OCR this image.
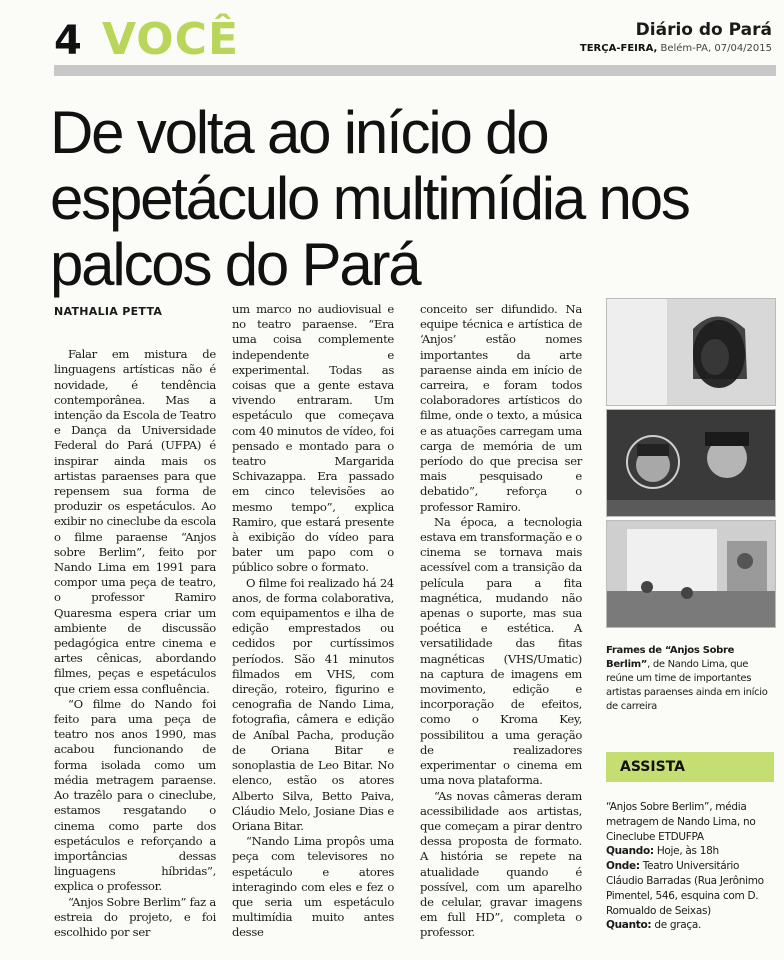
4 VOCÊ	Diário do Pará
TERÇA-FEIRA, Belém-PA, 07/04/2015
De volta ao início do espetáculo multimídia nos palcos do Pará
NATHALIA PETTA

Falar em mistura de linguagens artísticas não é novidade, é tendência contemporânea. Mas a intenção da Escola de Teatro e Dança da Universidade Federal do Pará (UFPA) é inspirar ainda mais os artistas paraenses para que repensem sua forma de produzir os espetáculos. Ao exibir no cineclube da escola o filme paraense “Anjos sobre Berlim”, feito por Nando Lima em 1991 para compor uma peça de teatro, o professor Ramiro Quaresma espera criar um ambiente de discussão pedagógica entre cinema e artes cênicas, abordando filmes, peças e espetáculos que criem essa confluência.

“O filme do Nando foi feito para uma peça de teatro nos anos 1990, mas acabou funcionando de forma isolada como um média metragem paraense. Ao trazêlo para o cineclube, estamos resgatando o cinema como parte dos espetáculos e reforçando a importâncias dessas linguagens híbridas”, explica o professor.

“Anjos Sobre Berlim” faz a estreia do projeto, e foi escolhido por ser

um marco no audiovisual e no teatro paraense. “Era uma coisa complemente independente e experimental. Todas as coisas que a gente estava vivendo entraram. Um espetáculo que começava com 40 minutos de vídeo, foi pensado e montado para o teatro Margarida Schivazappa. Era passado em cinco televisões ao mesmo tempo”, explica Ramiro, que estará presente à exibição do vídeo para bater um papo com o público sobre o formato.

O filme foi realizado há 24 anos, de forma colaborativa, com equipamentos e ilha de edição emprestados ou cedidos por curtíssimos períodos. São 41 minutos filmados em VHS, com direção, roteiro, figurino e cenografia de Nando Lima, fotografia, câmera e edição de Aníbal Pacha, produção de Oriana Bitar e sonoplastia de Leo Bitar. No elenco, estão os atores Alberto Silva, Betto Paiva, Cláudio Melo, Josiane Dias e Oriana Bitar.

“Nando Lima propôs uma peça com televisores no espetáculo e atores interagindo com eles e fez o que seria um espetáculo multimídia muito antes desse

conceito ser difundido. Na equipe técnica e artística de ‘Anjos’ estão nomes importantes da arte paraense ainda em início de carreira, e foram todos colaboradores artísticos do filme, onde o texto, a música e as atuações carregam uma carga de memória de um período do que precisa ser mais pesquisado e debatido”, reforça o professor Ramiro.

Na época, a tecnologia estava em transformação e o cinema se tornava mais acessível com a transição da película para a fita magnética, mudando não apenas o suporte, mas sua poética e estética. A versatilidade das fitas magnéticas (VHS/Umatic) na captura de imagens em movimento, edição e incorporação de efeitos, como o Kroma Key, possibilitou a uma geração de realizadores experimentar o cinema em uma nova plataforma.

“As novas câmeras deram acessibilidade aos artistas, que começam a pirar dentro dessa proposta de formato. A história se repete na atualidade quando é possível, com um aparelho de celular, gravar imagens em full HD”, completa o professor.

Frames de “Anjos Sobre Berlim”, de Nando Lima, que reúne um time de importantes artistas paraenses ainda em início de carreira
ASSISTA

“Anjos Sobre Berlim”, média metragem de Nando Lima, no Cineclube ETDUFPA

Quando: Hoje, às 18h

Onde: Teatro Universitário Cláudio Barradas (Rua Jerônimo Pimentel, 546, esquina com D. Romualdo de Seixas)

Quanto: de graça.
